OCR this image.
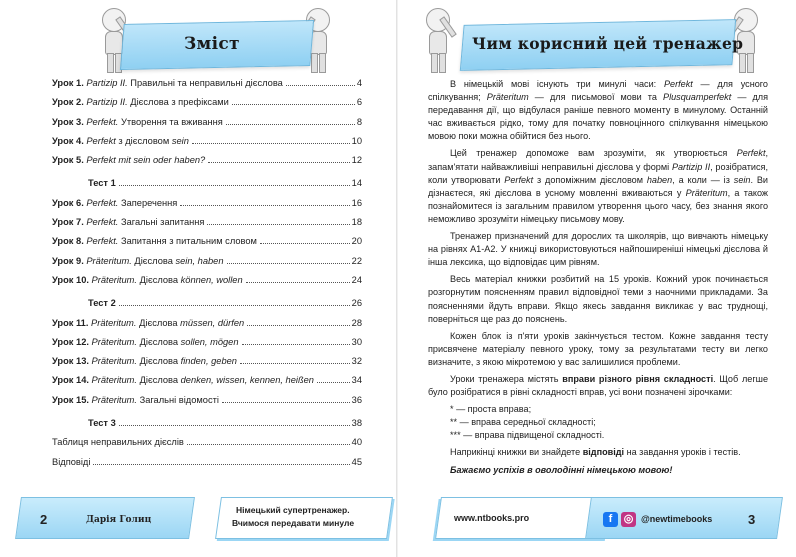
Зміст
Урок 1. Partizip II. Правильні та неправильні дієслова	4
Урок 2. Partizip II. Дієслова з префіксами	6
Урок 3. Perfekt. Утворення та вживання	8
Урок 4. Perfekt з дієсловом sein	10
Урок 5. Perfekt mit sein oder haben?	12
Тест 1	14
Урок 6. Perfekt. Заперечення	16
Урок 7. Perfekt. Загальні запитання	18
Урок 8. Perfekt. Запитання з питальним словом	20
Урок 9. Präteritum. Дієслова sein, haben	22
Урок 10. Präteritum. Дієслова können, wollen	24
Тест 2	26
Урок 11. Präteritum. Дієслова müssen, dürfen	28
Урок 12. Präteritum. Дієслова sollen, mögen	30
Урок 13. Präteritum. Дієслова finden, geben	32
Урок 14. Präteritum. Дієслова denken, wissen, kennen, heißen	34
Урок 15. Präteritum. Загальні відомості	36
Тест 3	38
Таблиця неправильних дієслів	40
Відповіді	45
2	Дарія Голиц
Німецький супертренажер.
Вчимося передавати минуле
Чим корисний цей тренажер

В німецькій мові існують три минулі часи: Perfekt — для усного спілкування; Präteritum — для письмової мови та Plusquamperfekt — для передавання дії, що відбулася раніше певного моменту в минулому. Останній час вживається рідко, тому для початку повноцінного спілкування німецькою мовою поки можна обійтися без нього.

Цей тренажер допоможе вам зрозуміти, як утворюється Perfekt, запам'ятати найважливіші неправильні дієслова у формі Partizip II, розібратися, коли утворювати Perfekt з допоміжним дієсловом haben, а коли — із sein. Ви дізнаєтеся, які дієслова в усному мовленні вживаються у Präteritum, а також познайомитеся із загальним правилом утворення цього часу, без знання якого неможливо зрозуміти німецьку письмову мову.

Тренажер призначений для дорослих та школярів, що вивчають німецьку на рівнях А1-А2. У книжці використовуються найпоширеніші німецькі дієслова й інша лексика, що відповідає цим рівням.

Весь матеріал книжки розбитий на 15 уроків. Кожний урок починається розгорнутим поясненням правил відповідної теми з наочними прикладами. За поясненнями йдуть вправи. Якщо якесь завдання викликає у вас труднощі, поверніться ще раз до пояснень.

Кожен блок із п'яти уроків закінчується тестом. Кожне завдання тесту присвячене матеріалу певного уроку, тому за результатами тесту ви легко визначите, з якою мікротемою у вас залишилися проблеми.

Уроки тренажера містять вправи різного рівня складності. Щоб легше було розібратися в рівні складності вправ, усі вони позначені зірочками:

* — проста вправа;

** — вправа середньої складності;

*** — вправа підвищеної складності.

Наприкінці книжки ви знайдете відповіді на завдання уроків і тестів.

Бажаємо успіхів в оволодінні німецькою мовою!

www.ntbooks.pro	f	◎ @newtimebooks	3
